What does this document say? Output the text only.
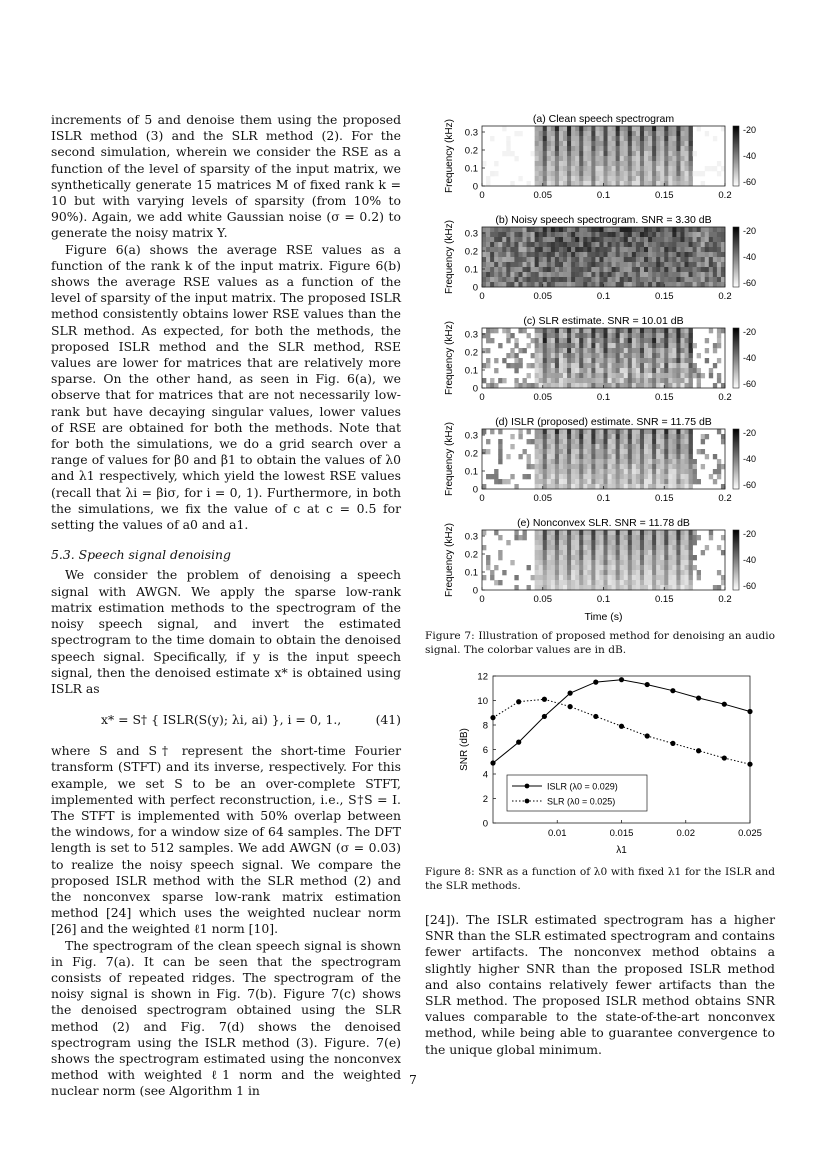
increments of 5 and denoise them using the proposed ISLR method (3) and the SLR method (2). For the second simulation, wherein we consider the RSE as a function of the level of sparsity of the input matrix, we synthetically generate 15 matrices M of fixed rank k = 10 but with varying levels of sparsity (from 10% to 90%). Again, we add white Gaussian noise (σ = 0.2) to generate the noisy matrix Y.

Figure 6(a) shows the average RSE values as a function of the rank k of the input matrix. Figure 6(b) shows the average RSE values as a function of the level of sparsity of the input matrix. The proposed ISLR method consistently obtains lower RSE values than the SLR method. As expected, for both the methods, the proposed ISLR method and the SLR method, RSE values are lower for matrices that are relatively more sparse. On the other hand, as seen in Fig. 6(a), we observe that for matrices that are not necessarily low-rank but have decaying singular values, lower values of RSE are obtained for both the methods. Note that for both the simulations, we do a grid search over a range of values for β0 and β1 to obtain the values of λ0 and λ1 respectively, which yield the lowest RSE values (recall that λi = βiσ, for i = 0, 1). Furthermore, in both the simulations, we fix the value of c at c = 0.5 for setting the values of a0 and a1.

5.3. Speech signal denoising

We consider the problem of denoising a speech signal with AWGN. We apply the sparse low-rank matrix estimation methods to the spectrogram of the noisy speech signal, and invert the estimated spectrogram to the time domain to obtain the denoised speech signal. Specifically, if y is the input speech signal, then the denoised estimate x* is obtained using ISLR as

x* = S† { ISLR(S(y); λi, ai) }, i = 0, 1.,	(41)

where S and S† represent the short-time Fourier transform (STFT) and its inverse, respectively. For this example, we set S to be an over-complete STFT, implemented with perfect reconstruction, i.e., S†S = I. The STFT is implemented with 50% overlap between the windows, for a window size of 64 samples. The DFT length is set to 512 samples. We add AWGN (σ = 0.03) to realize the noisy speech signal. We compare the proposed ISLR method with the SLR method (2) and the nonconvex sparse low-rank matrix estimation method [24] which uses the weighted nuclear norm [26] and the weighted ℓ1 norm [10].

The spectrogram of the clean speech signal is shown in Fig. 7(a). It can be seen that the spectrogram consists of repeated ridges. The spectrogram of the noisy signal is shown in Fig. 7(b). Figure 7(c) shows the denoised spectrogram obtained using the SLR method (2) and Fig. 7(d) shows the denoised spectrogram using the ISLR method (3). Figure. 7(e) shows the spectrogram estimated using the nonconvex method with weighted ℓ1 norm and the weighted nuclear norm (see Algorithm 1 in

(a) Clean speech spectrogram
0
0.1
0.2
0.3
0	0.05	0.1	0.15	0.2
Frequency (kHz)	-20
-40
-60
(b) Noisy speech spectrogram. SNR = 3.30 dB
0
0.1
0.2
0.3
0	0.05	0.1	0.15	0.2
Frequency (kHz)	-20
-40
-60
(c) SLR estimate. SNR = 10.01 dB
0
0.1
0.2
0.3
0	0.05	0.1	0.15	0.2
Frequency (kHz)	-20
-40
-60
(d) ISLR (proposed) estimate. SNR = 11.75 dB
0
0.1
0.2
0.3
0	0.05	0.1	0.15	0.2
Frequency (kHz)	-20
-40
-60
(e) Nonconvex SLR. SNR = 11.78 dB
0
0.1
0.2
0.3
0	0.05	0.1	0.15	0.2
Frequency (kHz)	-20
-40
-60
Time (s)
Figure 7: Illustration of proposed method for denoising an audio signal. The colorbar values are in dB.
0
2
4
6
8
10
12
0.01	0.015	0.02	0.025
λ1
SNR (dB)
ISLR (λ0 = 0.029)
SLR (λ0 = 0.025)
Figure 8: SNR as a function of λ0 with fixed λ1 for the ISLR and the SLR methods.

[24]). The ISLR estimated spectrogram has a higher SNR than the SLR estimated spectrogram and contains fewer artifacts. The nonconvex method obtains a slightly higher SNR than the proposed ISLR method and also contains relatively fewer artifacts than the SLR method. The proposed ISLR method obtains SNR values comparable to the state-of-the-art nonconvex method, while being able to guarantee convergence to the unique global minimum.

7
